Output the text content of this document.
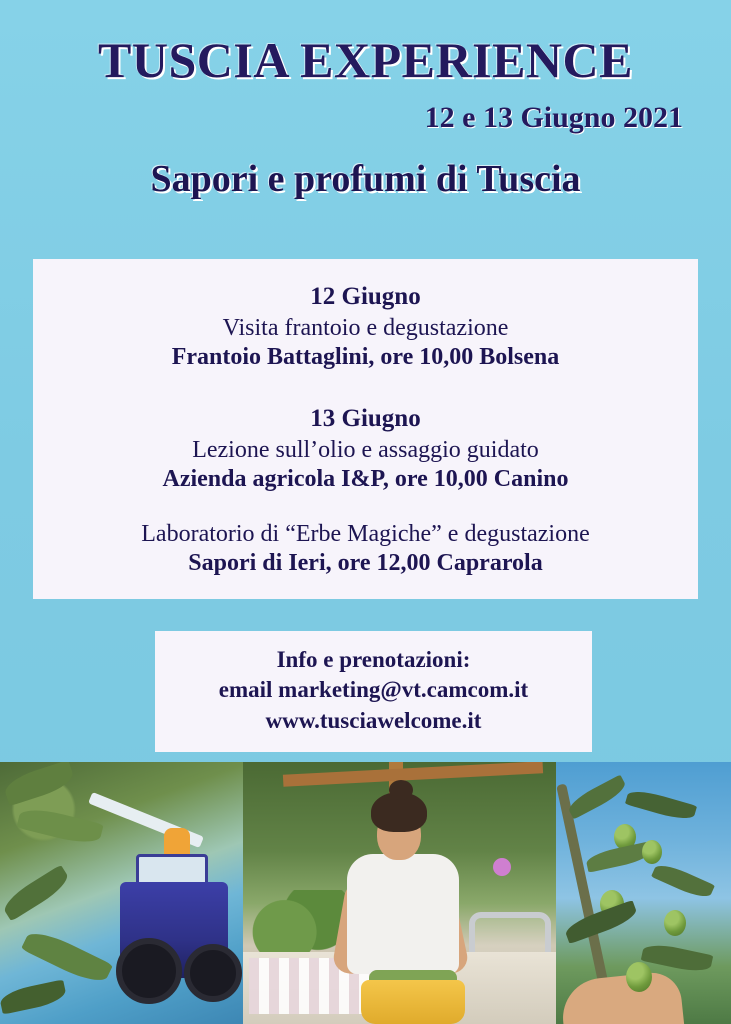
TUSCIA EXPERIENCE
12 e 13 Giugno 2021
Sapori e profumi di Tuscia
12 Giugno
Visita frantoio e degustazione
Frantoio Battaglini, ore 10,00 Bolsena
13 Giugno
Lezione sull’olio e assaggio guidato
Azienda agricola I&P, ore 10,00 Canino
Laboratorio di “Erbe Magiche” e degustazione
Sapori di Ieri, ore 12,00 Caprarola
Info e prenotazioni:
email marketing@vt.camcom.it
www.tusciawelcome.it
